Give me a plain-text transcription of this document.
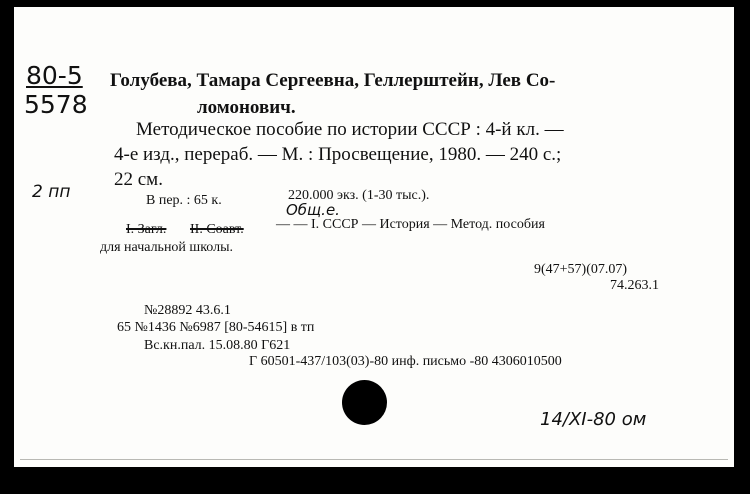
80-5
5578
2 пп
Голубева, Тамара Сергеевна, Геллерштейн, Лев Со-
ломонович.
Методическое пособие по истории СССР : 4-й кл. —
4-е изд., перераб. — М. : Просвещение, 1980. — 240 с.;
22 см.
В пер. : 65 к.	220.000 экз. (1-30 тыс.).
Общ.е.
I. Загл. II. Соавт. — — I. СССР — История — Метод. пособия
для начальной школы.
9(47+57)(07.07)
74.263.1
№28892 43.6.1
65 №1436 №6987 [80-54615] в тп
Вс.кн.пал. 15.08.80 Г621
Г 60501-437/103(03)-80 инф. письмо -80 4306010500
14/XI-80 ом
